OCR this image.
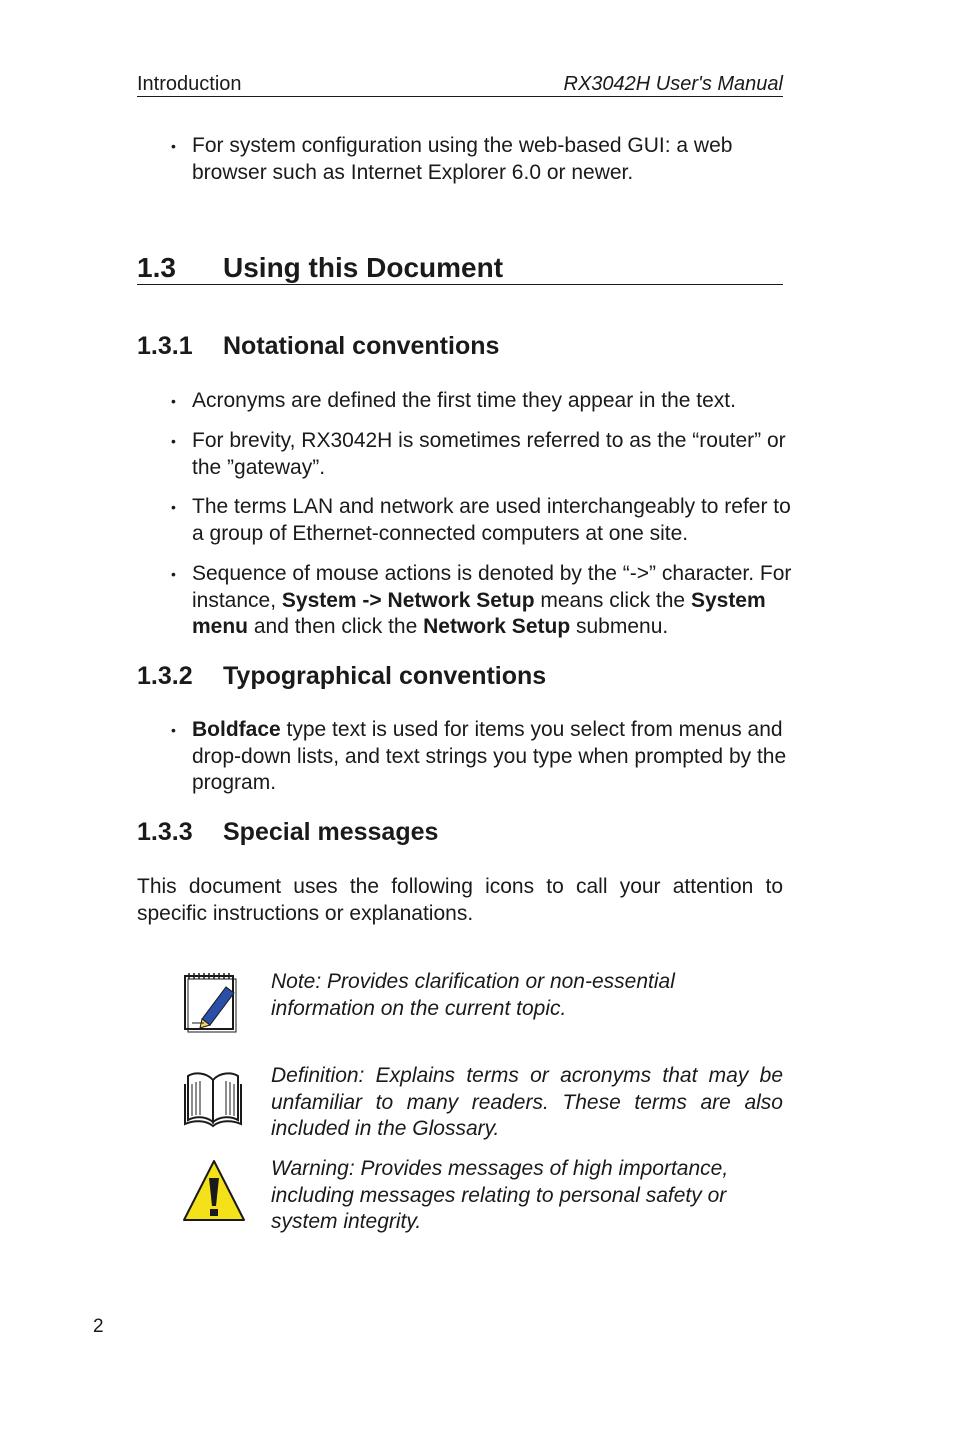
Introduction	RX3042H User's Manual
• For system configuration using the web-based GUI: a web browser such as Internet Explorer 6.0 or newer.
1.3 Using this Document
1.3.1 Notational conventions
• Acronyms are defined the first time they appear in the text.
• For brevity, RX3042H is sometimes referred to as the “router” or the ”gateway”.
• The terms LAN and network are used interchangeably to refer to a group of Ethernet-connected computers at one site.
• Sequence of mouse actions is denoted by the “->” character. For instance, System -> Network Setup means click the System menu and then click the Network Setup submenu.
1.3.2 Typographical conventions
• Boldface type text is used for items you select from menus and drop-down lists, and text strings you type when prompted by the program.
1.3.3 Special messages
This document uses the following icons to call your attention to specific instructions or explanations.
Note: Provides clarification or non-essential information on the current topic.
Definition: Explains terms or acronyms that may be unfamiliar to many readers. These terms are also included in the Glossary.
Warning: Provides messages of high importance, including messages relating to personal safety or system integrity.
2
